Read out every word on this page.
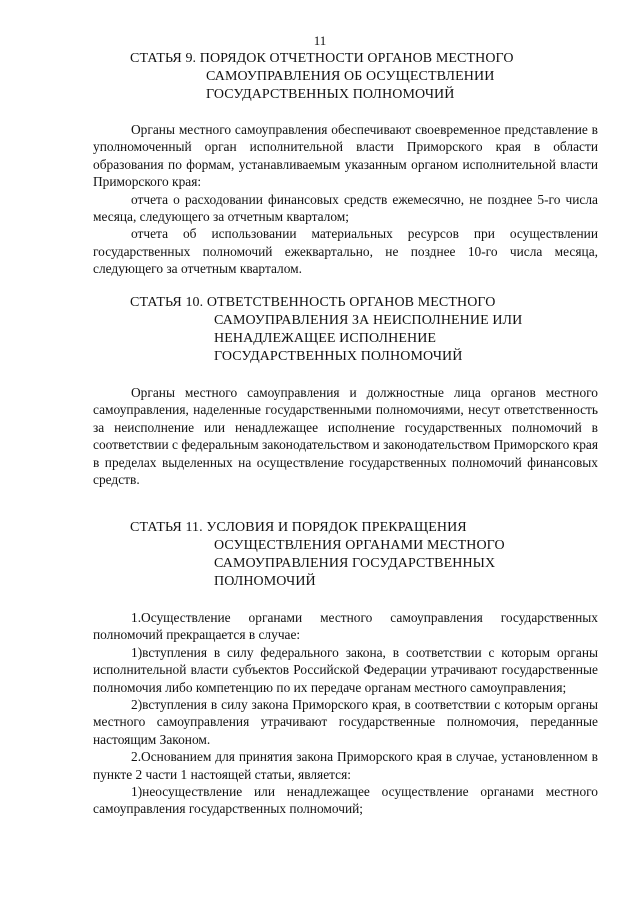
11
СТАТЬЯ 9. ПОРЯДОК ОТЧЕТНОСТИ ОРГАНОВ МЕСТНОГО
САМОУПРАВЛЕНИЯ ОБ ОСУЩЕСТВЛЕНИИ
ГОСУДАРСТВЕННЫХ ПОЛНОМОЧИЙ

Органы местного самоуправления обеспечивают своевременное представление в уполномоченный орган исполнительной власти Приморского края в области образования по формам, устанавливаемым указанным органом исполнительной власти Приморского края:

отчета о расходовании финансовых средств ежемесячно, не позднее 5-го числа месяца, следующего за отчетным кварталом;

отчета об использовании материальных ресурсов при осуществлении государственных полномочий ежеквартально, не позднее 10-го числа месяца, следующего за отчетным кварталом.

СТАТЬЯ 10. ОТВЕТСТВЕННОСТЬ ОРГАНОВ МЕСТНОГО
САМОУПРАВЛЕНИЯ ЗА НЕИСПОЛНЕНИЕ ИЛИ
НЕНАДЛЕЖАЩЕЕ ИСПОЛНЕНИЕ
ГОСУДАРСТВЕННЫХ ПОЛНОМОЧИЙ

Органы местного самоуправления и должностные лица органов местного самоуправления, наделенные государственными полномочиями, несут ответственность за неисполнение или ненадлежащее исполнение государственных полномочий в соответствии с федеральным законодательством и законодательством Приморского края в пределах выделенных на осуществление государственных полномочий финансовых средств.

СТАТЬЯ 11. УСЛОВИЯ И ПОРЯДОК ПРЕКРАЩЕНИЯ
ОСУЩЕСТВЛЕНИЯ ОРГАНАМИ МЕСТНОГО
САМОУПРАВЛЕНИЯ ГОСУДАРСТВЕННЫХ
ПОЛНОМОЧИЙ

1.Осуществление органами местного самоуправления государственных полномочий прекращается в случае:

1)вступления в силу федерального закона, в соответствии с которым органы исполнительной власти субъектов Российской Федерации утрачивают государственные полномочия либо компетенцию по их передаче органам местного самоуправления;

2)вступления в силу закона Приморского края, в соответствии с которым органы местного самоуправления утрачивают государственные полномочия, переданные настоящим Законом.

2.Основанием для принятия закона Приморского края в случае, установленном в пункте 2 части 1 настоящей статьи, является:

1)неосуществление или ненадлежащее осуществление органами местного самоуправления государственных полномочий;
